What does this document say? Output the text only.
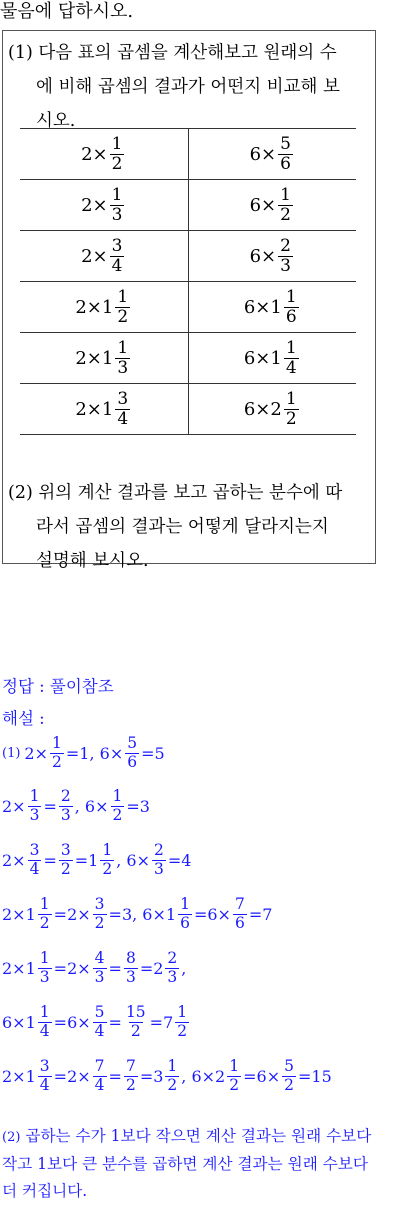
물음에 답하시오.
(1) 다음 표의 곱셈을 계산해보고 원래의 수
에 비해 곱셈의 결과가 어떤지 비교해 보
시오.
$2\times \frac{1}{2}$	$6\times \frac{5}{6}$

$2\times \frac{1}{3}$	$6\times \frac{1}{2}$

$2\times \frac{3}{4}$	$6\times \frac{2}{3}$

$2\times 1 \frac{1}{2}$	$6\times 1 \frac{1}{6}$

$2\times 1 \frac{1}{3}$	$6\times 1 \frac{1}{4}$

$2\times 1 \frac{3}{4}$	$6\times 2 \frac{1}{2}$
(2) 위의 계산 결과를 보고 곱하는 분수에 따
라서 곱셈의 결과는 어떻게 달라지는지
설명해 보시오.
정답 : 풀이참조
해설 :
(1) $2\times \frac{1}{2} =1$, $6\times \frac{5}{6} =5$
$2\times \frac{1}{3} = \frac{2}{3}$ , $6\times \frac{1}{2} =3$
$2\times \frac{3}{4} = \frac{3}{2} = 1 \frac{1}{2}$ , $6\times \frac{2}{3} =4$
$2\times 1 \frac{1}{2} =2\times \frac{3}{2} =3$, $6\times 1 \frac{1}{6} =6\times \frac{7}{6} =7$
$2\times 1 \frac{1}{3} =2\times \frac{4}{3} = \frac{8}{3} = 2 \frac{2}{3}$ ,
$6\times 1 \frac{1}{4} =6\times \frac{5}{4} = \frac{15}{2} = 7 \frac{1}{2}$
$2\times 1 \frac{3}{4} =2\times \frac{7}{4} = \frac{7}{2} = 3 \frac{1}{2}$ , $6\times 2 \frac{1}{2} =6\times \frac{5}{2} =15$
(2) 곱하는 수가 1보다 작으면 계산 결과는 원래 수보다
작고 1보다 큰 분수를 곱하면 계산 결과는 원래 수보다
더 커집니다.
